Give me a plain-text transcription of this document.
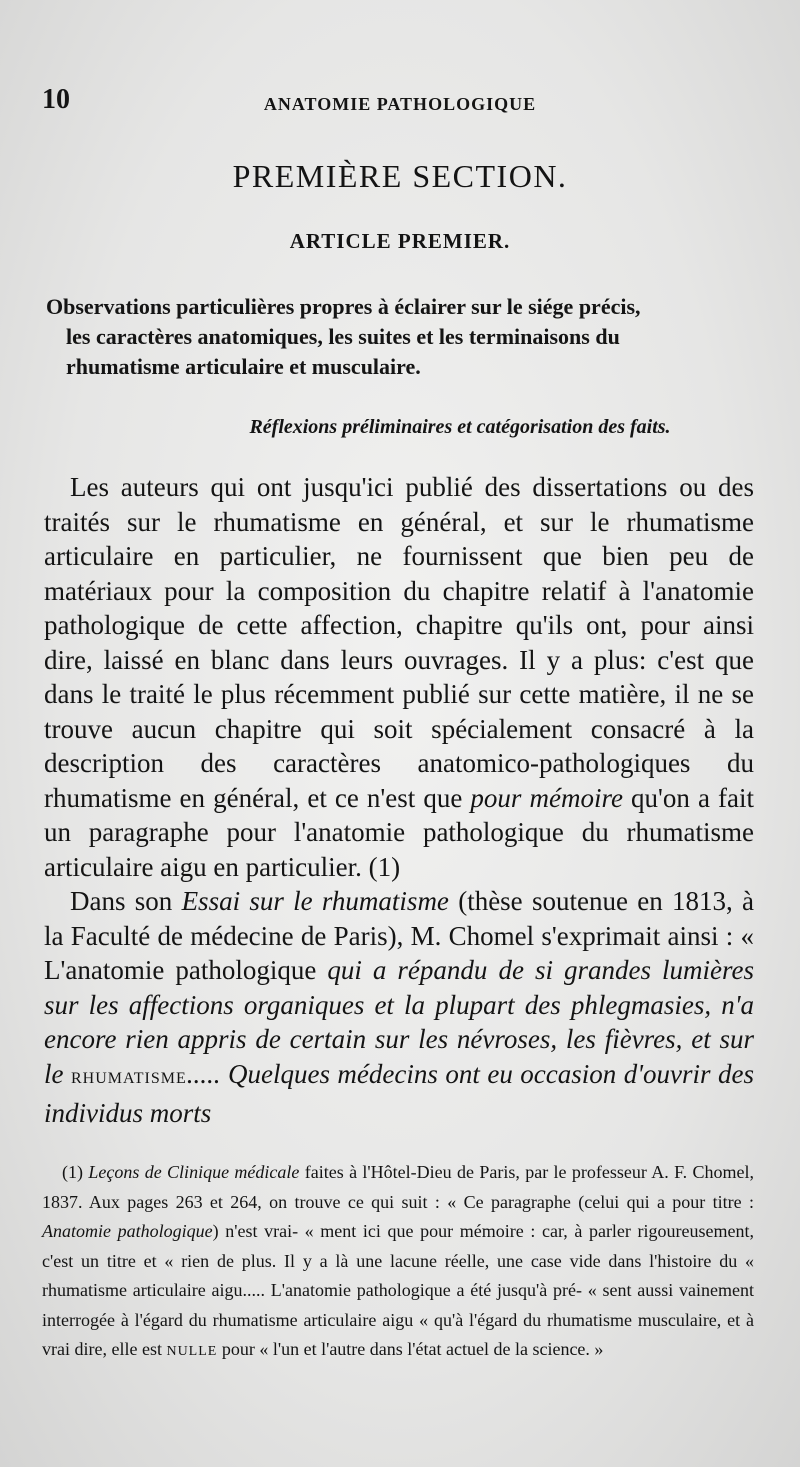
10	ANATOMIE PATHOLOGIQUE
PREMIÈRE SECTION.
ARTICLE PREMIER.
Observations particulières propres à éclairer sur le siége précis,
les caractères anatomiques, les suites et les terminaisons du
rhumatisme articulaire et musculaire.
Réflexions préliminaires et catégorisation des faits.

Les auteurs qui ont jusqu'ici publié des dissertations ou des traités sur le rhumatisme en général, et sur le rhumatisme articulaire en particulier, ne fournissent que bien peu de matériaux pour la composition du chapitre relatif à l'anatomie pathologique de cette affection, chapitre qu'ils ont, pour ainsi dire, laissé en blanc dans leurs ouvrages. Il y a plus: c'est que dans le traité le plus récemment publié sur cette matière, il ne se trouve aucun chapitre qui soit spécialement consacré à la description des caractères anatomico-pathologiques du rhumatisme en général, et ce n'est que pour mémoire qu'on a fait un paragraphe pour l'anatomie pathologique du rhumatisme articulaire aigu en particulier. (1)

Dans son Essai sur le rhumatisme (thèse soutenue en 1813, à la Faculté de médecine de Paris), M. Chomel s'exprimait ainsi : « L'anatomie pathologique qui a répandu de si grandes lumières sur les affections organiques et la plupart des phlegmasies, n'a encore rien appris de certain sur les névroses, les fièvres, et sur le RHUMATISME..... Quelques médecins ont eu occasion d'ouvrir des individus morts

(1) Leçons de Clinique médicale faites à l'Hôtel-Dieu de Paris, par le professeur A. F. Chomel, 1837. Aux pages 263 et 264, on trouve ce qui suit : « Ce paragraphe (celui qui a pour titre : Anatomie pathologique) n'est vrai- « ment ici que pour mémoire : car, à parler rigoureusement, c'est un titre et « rien de plus. Il y a là une lacune réelle, une case vide dans l'histoire du « rhumatisme articulaire aigu..... L'anatomie pathologique a été jusqu'à pré- « sent aussi vainement interrogée à l'égard du rhumatisme articulaire aigu « qu'à l'égard du rhumatisme musculaire, et à vrai dire, elle est NULLE pour « l'un et l'autre dans l'état actuel de la science. »
